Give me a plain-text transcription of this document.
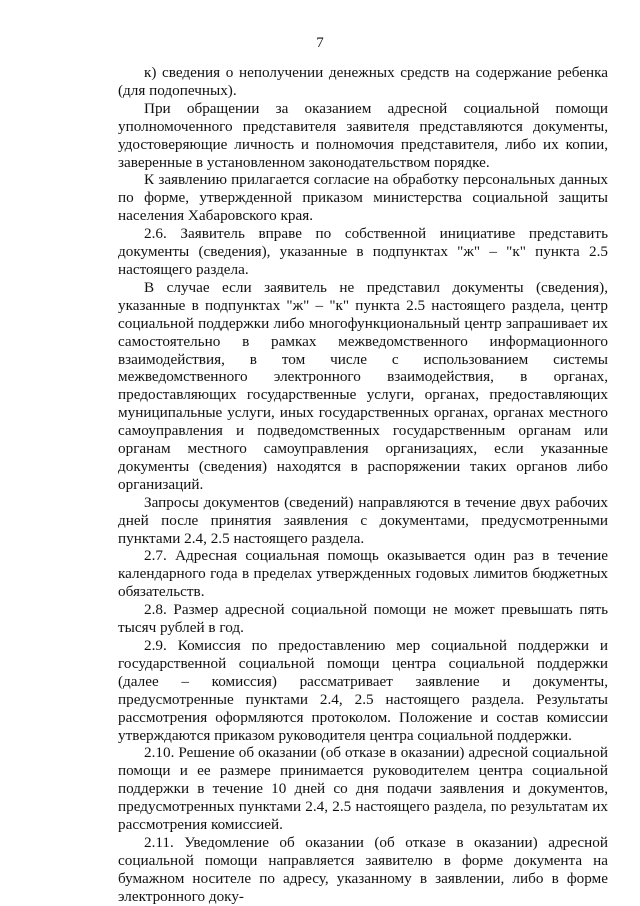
7

к) сведения о неполучении денежных средств на содержание ребенка (для подопечных).

При обращении за оказанием адресной социальной помощи уполномоченного представителя заявителя представляются документы, удостоверяющие личность и полномочия представителя, либо их копии, заверенные в установленном законодательством порядке.

К заявлению прилагается согласие на обработку персональных данных по форме, утвержденной приказом министерства социальной защиты населения Хабаровского края.

2.6. Заявитель вправе по собственной инициативе представить документы (сведения), указанные в подпунктах "ж" – "к" пункта 2.5 настоящего раздела.

В случае если заявитель не представил документы (сведения), указанные в подпунктах "ж" – "к" пункта 2.5 настоящего раздела, центр социальной поддержки либо многофункциональный центр запрашивает их самостоятельно в рамках межведомственного информационного взаимодействия, в том числе с использованием системы межведомственного электронного взаимодействия, в органах, предоставляющих государственные услуги, органах, предоставляющих муниципальные услуги, иных государственных органах, органах местного самоуправления и подведомственных государственным органам или органам местного самоуправления организациях, если указанные документы (сведения) находятся в распоряжении таких органов либо организаций.

Запросы документов (сведений) направляются в течение двух рабочих дней после принятия заявления с документами, предусмотренными пунктами 2.4, 2.5 настоящего раздела.

2.7. Адресная социальная помощь оказывается один раз в течение календарного года в пределах утвержденных годовых лимитов бюджетных обязательств.

2.8. Размер адресной социальной помощи не может превышать пять тысяч рублей в год.

2.9. Комиссия по предоставлению мер социальной поддержки и государственной социальной помощи центра социальной поддержки (далее – комиссия) рассматривает заявление и документы, предусмотренные пунктами 2.4, 2.5 настоящего раздела. Результаты рассмотрения оформляются протоколом. Положение и состав комиссии утверждаются приказом руководителя центра социальной поддержки.

2.10. Решение об оказании (об отказе в оказании) адресной социальной помощи и ее размере принимается руководителем центра социальной поддержки в течение 10 дней со дня подачи заявления и документов, предусмотренных пунктами 2.4, 2.5 настоящего раздела, по результатам их рассмотрения комиссией.

2.11. Уведомление об оказании (об отказе в оказании) адресной социальной помощи направляется заявителю в форме документа на бумажном носителе по адресу, указанному в заявлении, либо в форме электронного доку-
